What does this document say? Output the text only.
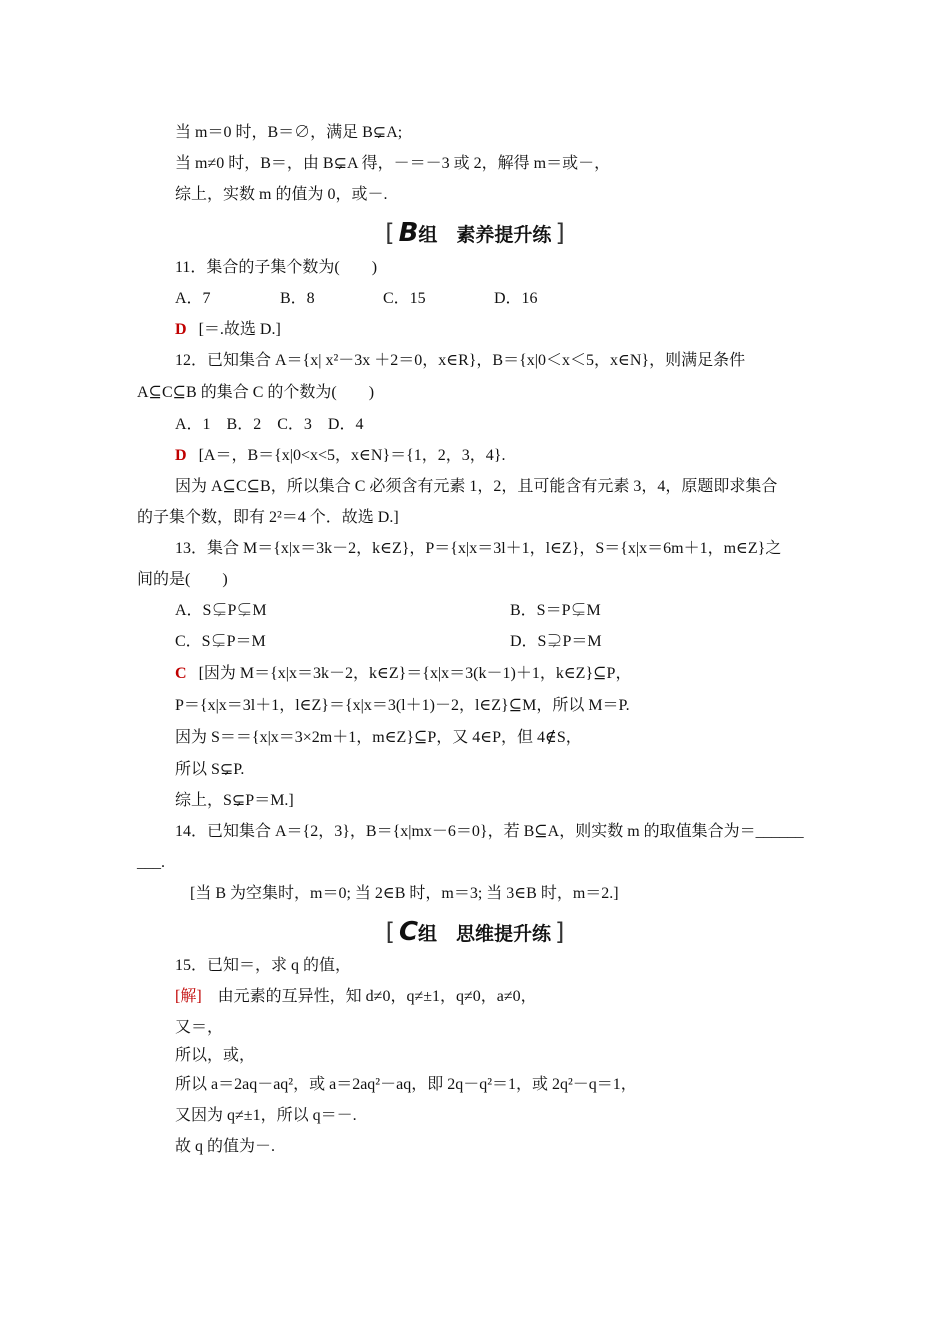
当 m＝0 时，B＝∅，满足 B⊊A;
当 m≠0 时，B＝，由 B⊊A 得，－＝－3 或 2，解得 m＝或－，
综上，实数 m 的值为 0，或－.
[ B组　素养提升练 ]
11．集合的子集个数为(　　)
A．7	B．8	C．15	D．16
D [＝.故选 D.]
12．已知集合 A＝{x| x²－3x ＋2＝0，x∈R}，B＝{x|0＜x＜5，x∈N}，则满足条件
A⊆C⊆B 的集合 C 的个数为(　　)
A．1　B．2　C．3　D．4
D [A＝，B＝{x|0<x<5，x∈N}＝{1，2，3，4}.
因为 A⊆C⊆B，所以集合 C 必须含有元素 1，2，且可能含有元素 3，4，原题即求集合
的子集个数，即有 2²＝4 个．故选 D.]
13．集合 M＝{x|x＝3k－2，k∈Z}，P＝{x|x＝3l＋1，l∈Z}，S＝{x|x＝6m＋1，m∈Z}之
间的是(　　)
A．S⊊P⊊M	B．S＝P⊊M
C．S⊊P＝M	D．S⊋P＝M
C [因为 M＝{x|x＝3k－2，k∈Z}＝{x|x＝3(k－1)＋1，k∈Z}⊆P，
P＝{x|x＝3l＋1，l∈Z}＝{x|x＝3(l＋1)－2，l∈Z}⊆M，所以 M＝P.
因为 S＝＝{x|x＝3×2m＋1，m∈Z}⊆P，又 4∈P，但 4∉S，
所以 S⊊P.
综上，S⊊P＝M.]
14．已知集合 A＝{2，3}，B＝{x|mx－6＝0}，若 B⊆A，则实数 m 的取值集合为＝______
___.
[当 B 为空集时，m＝0; 当 2∈B 时，m＝3; 当 3∈B 时，m＝2.]
[ C组　思维提升练 ]
15．已知＝，求 q 的值，
[解]　由元素的互异性，知 d≠0，q≠±1，q≠0，a≠0，
又＝，
所以，或，
所以 a＝2aq－aq²，或 a＝2aq²－aq，即 2q－q²＝1，或 2q²－q＝1，
又因为 q≠±1，所以 q＝－.
故 q 的值为－.
